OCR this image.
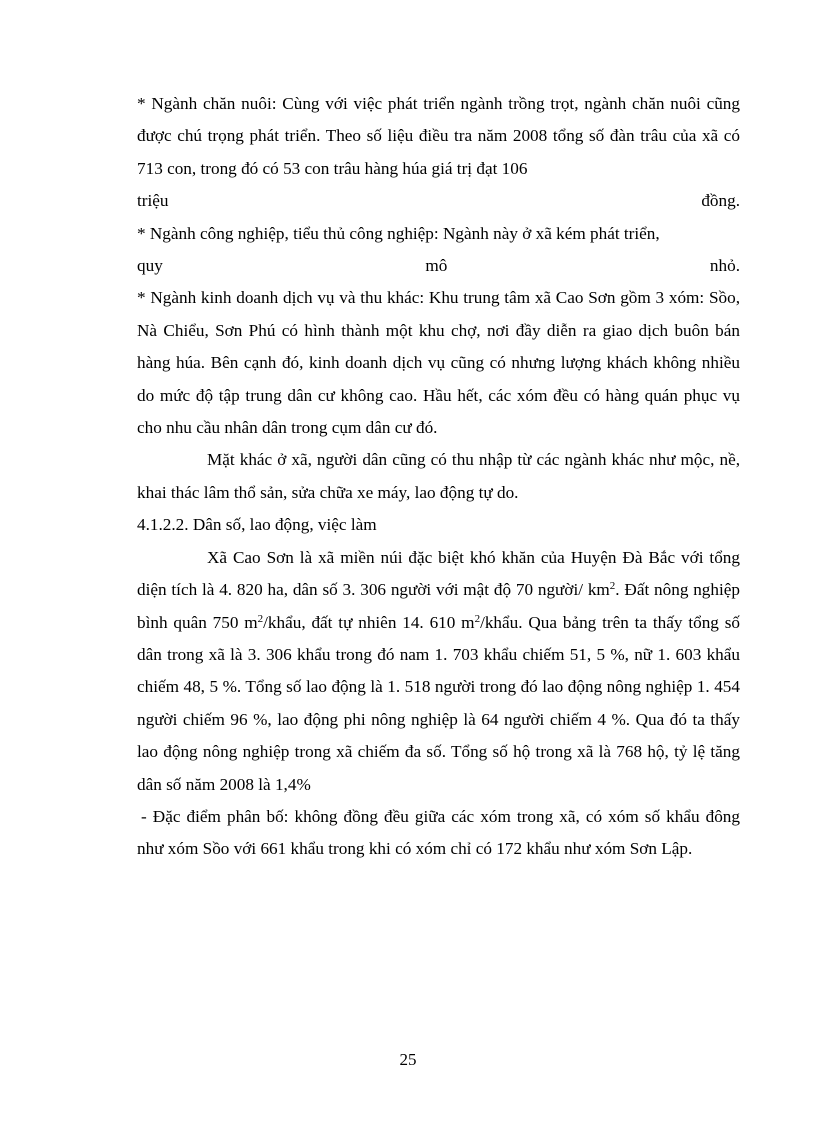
* Ngành chăn nuôi: Cùng với việc phát triển ngành trồng trọt, ngành chăn nuôi cũng được chú trọng phát triển. Theo số liệu điều tra năm 2008 tổng số đàn trâu của xã có 713 con, trong đó có 53 con trâu hàng húa giá trị đạt 106

triệu đồng.

* Ngành công nghiệp, tiểu thủ công nghiệp: Ngành này ở xã kém phát triển,

quy mô nhỏ.

* Ngành kinh doanh dịch vụ và thu khác: Khu trung tâm xã Cao Sơn gồm 3 xóm: Sồo, Nà Chiểu, Sơn Phú có hình thành một khu chợ, nơi đầy diễn ra giao dịch buôn bán hàng húa. Bên cạnh đó, kinh doanh dịch vụ cũng có nhưng lượng khách không nhiều do mức độ tập trung dân cư không cao. Hầu hết, các xóm đều có hàng quán phục vụ cho nhu cầu nhân dân trong cụm dân cư đó.

Mặt khác ở xã, người dân cũng có thu nhập từ các ngành khác như mộc, nề, khai thác lâm thổ sản, sửa chữa xe máy, lao động tự do.

4.1.2.2. Dân số, lao động, việc làm

Xã Cao Sơn là xã miền núi đặc biệt khó khăn của Huyện Đà Bắc với tổng diện tích là 4. 820 ha, dân số 3. 306 người với mật độ 70 người/ $km^2$. Đất nông nghiệp bình quân 750 $m^2$/khẩu, đất tự nhiên 14. 610 $m^2$/khẩu. Qua bảng trên ta thấy tổng số dân trong xã là 3. 306 khẩu trong đó nam 1. 703 khẩu chiếm 51, 5 %, nữ 1. 603 khẩu chiếm 48, 5 %. Tổng số lao động là 1. 518 người trong đó lao động nông nghiệp 1. 454 người chiếm 96 %, lao động phi nông nghiệp là 64 người chiếm 4 %. Qua đó ta thấy lao động nông nghiệp trong xã chiếm đa số. Tổng số hộ trong xã là 768 hộ, tỷ lệ tăng dân số năm 2008 là 1,4%

- Đặc điểm phân bố: không đồng đều giữa các xóm trong xã, có xóm số khẩu đông như xóm Sồo với 661 khẩu trong khi có xóm chỉ có 172 khẩu như xóm Sơn Lập.

25
